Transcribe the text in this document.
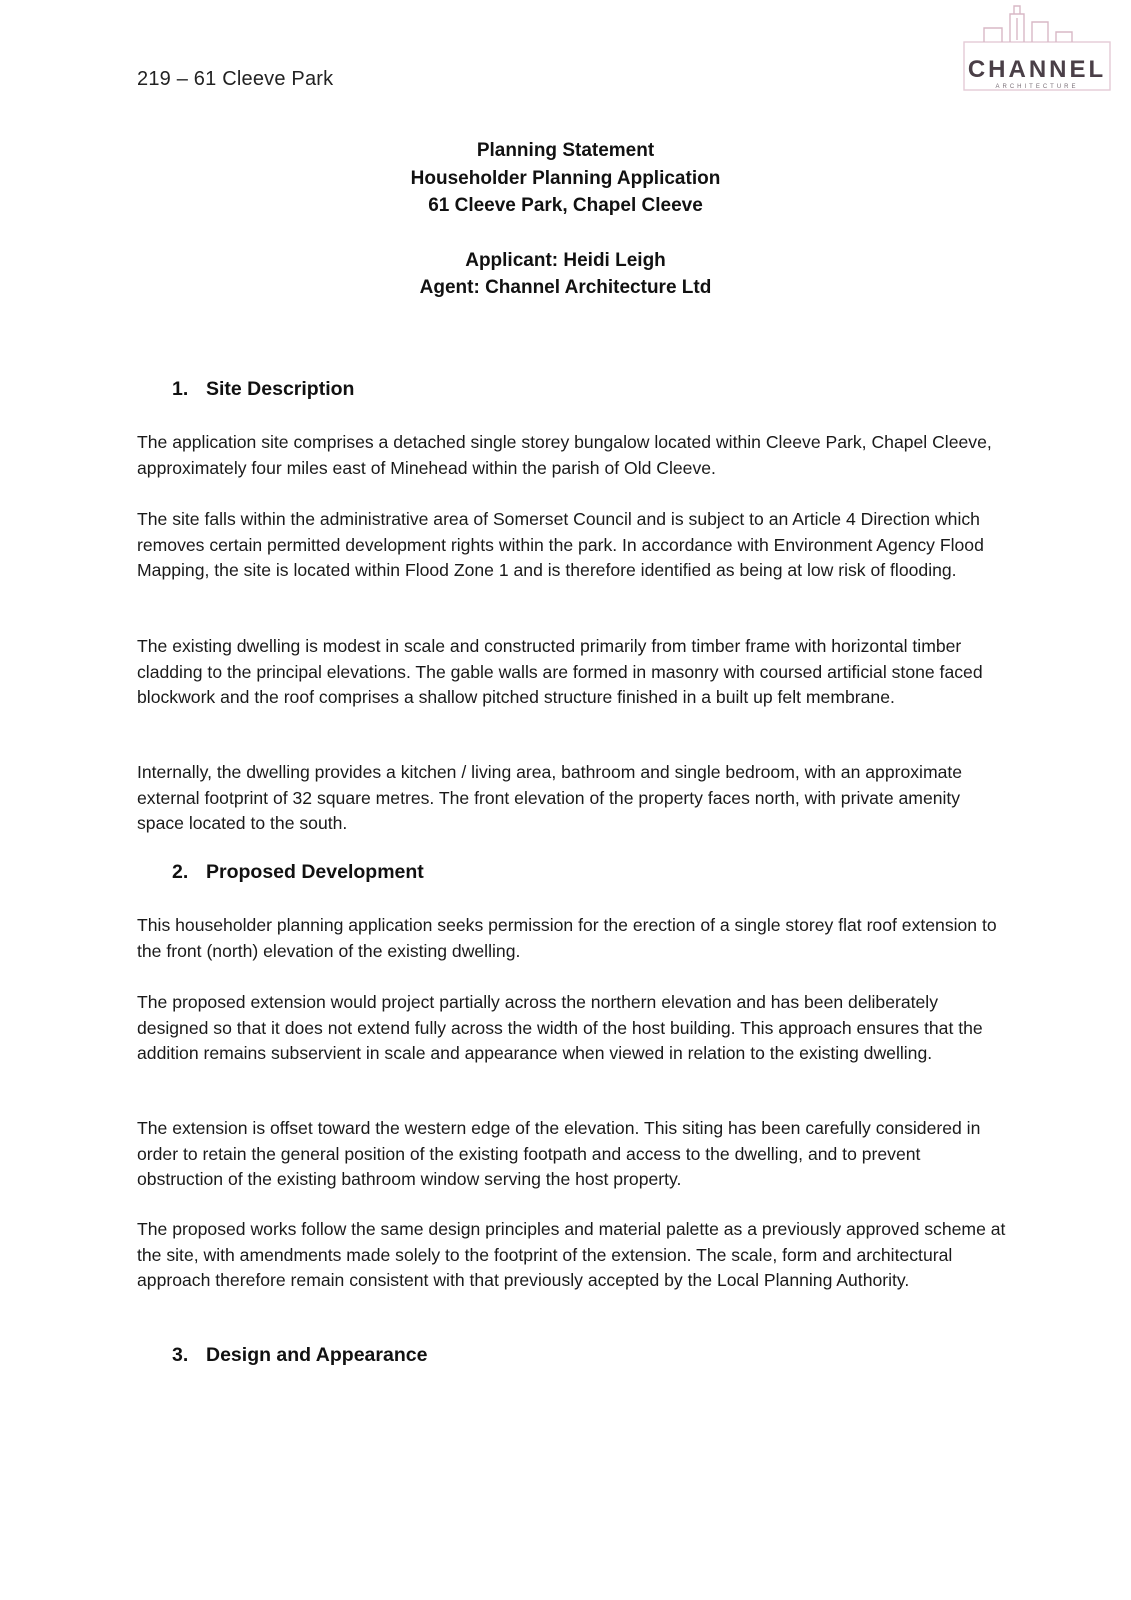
219 – 61 Cleeve Park	CHANNEL
ARCHITECTURE
Planning Statement
Householder Planning Application
61 Cleeve Park, Chapel Cleeve
Applicant: Heidi Leigh
Agent: Channel Architecture Ltd
1. Site Description
The application site comprises a detached single storey bungalow located within Cleeve Park, Chapel Cleeve, approximately four miles east of Minehead within the parish of Old Cleeve.
The site falls within the administrative area of Somerset Council and is subject to an Article 4 Direction which removes certain permitted development rights within the park. In accordance with Environment Agency Flood Mapping, the site is located within Flood Zone 1 and is therefore identified as being at low risk of flooding.
The existing dwelling is modest in scale and constructed primarily from timber frame with horizontal timber cladding to the principal elevations. The gable walls are formed in masonry with coursed artificial stone faced blockwork and the roof comprises a shallow pitched structure finished in a built up felt membrane.
Internally, the dwelling provides a kitchen / living area, bathroom and single bedroom, with an approximate external footprint of 32 square metres. The front elevation of the property faces north, with private amenity space located to the south.
2. Proposed Development
This householder planning application seeks permission for the erection of a single storey flat roof extension to the front (north) elevation of the existing dwelling.
The proposed extension would project partially across the northern elevation and has been deliberately designed so that it does not extend fully across the width of the host building. This approach ensures that the addition remains subservient in scale and appearance when viewed in relation to the existing dwelling.
The extension is offset toward the western edge of the elevation. This siting has been carefully considered in order to retain the general position of the existing footpath and access to the dwelling, and to prevent obstruction of the existing bathroom window serving the host property.
The proposed works follow the same design principles and material palette as a previously approved scheme at the site, with amendments made solely to the footprint of the extension. The scale, form and architectural approach therefore remain consistent with that previously accepted by the Local Planning Authority.
3. Design and Appearance
